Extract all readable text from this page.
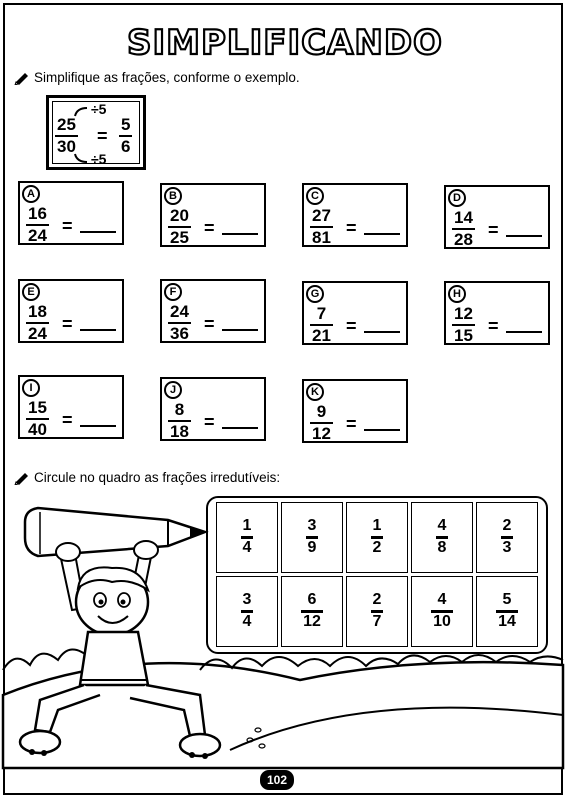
SIMPLIFICANDO
Simplifique as frações, conforme o exemplo.
÷5
÷5
25
30
=
5
6
A
16
24 =
B
20
25 =
C
27
81 =
D
14
28 =
E
18
24 =
F
24
36 =
G
7
21 =
H
12
15 =
I
15
40 =
J
8
18 =
K
9
12 =
Circule no quadro as frações irredutíveis:
$\frac{1}{4}$	$\frac{3}{9}$	$\frac{1}{2}$	$\frac{4}{8}$	$\frac{2}{3}$
$\frac{3}{4}$	$\frac{6}{12}$	$\frac{2}{7}$	$\frac{4}{10}$	$\frac{5}{14}$
102
